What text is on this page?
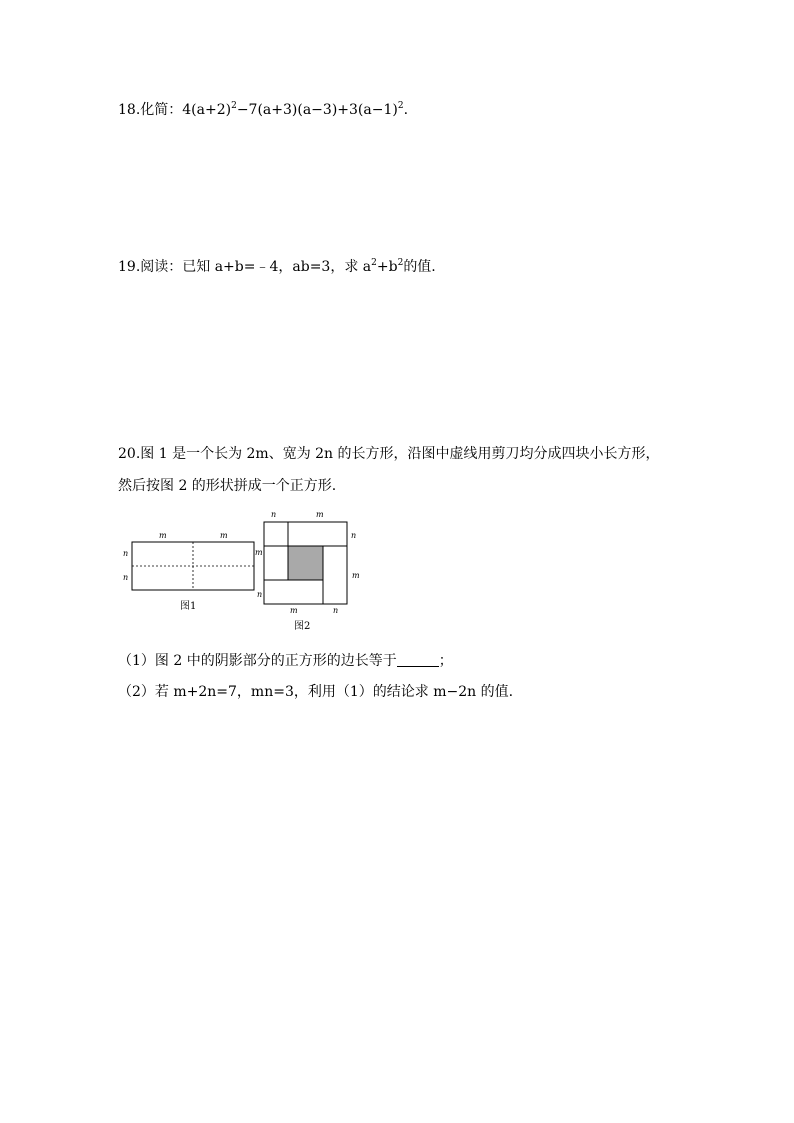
18.化简：$4(a+2)^2-7(a+3)(a-3)+3(a-1)^2$.
19.阅读：已知 a+b=﹣4，ab=3，求 $a^2+b^2$的值.
20.图 1 是一个长为 2m、宽为 2n 的长方形，沿图中虚线用剪刀均分成四块小长方形，
然后按图 2 的形状拼成一个正方形.
m	m
n
n
图1
n	m
m
n
m
n
m	n
图2
（1）图 2 中的阴影部分的正方形的边长等于	；
（2）若 m+2n=7，mn=3，利用（1）的结论求 m−2n 的值.
